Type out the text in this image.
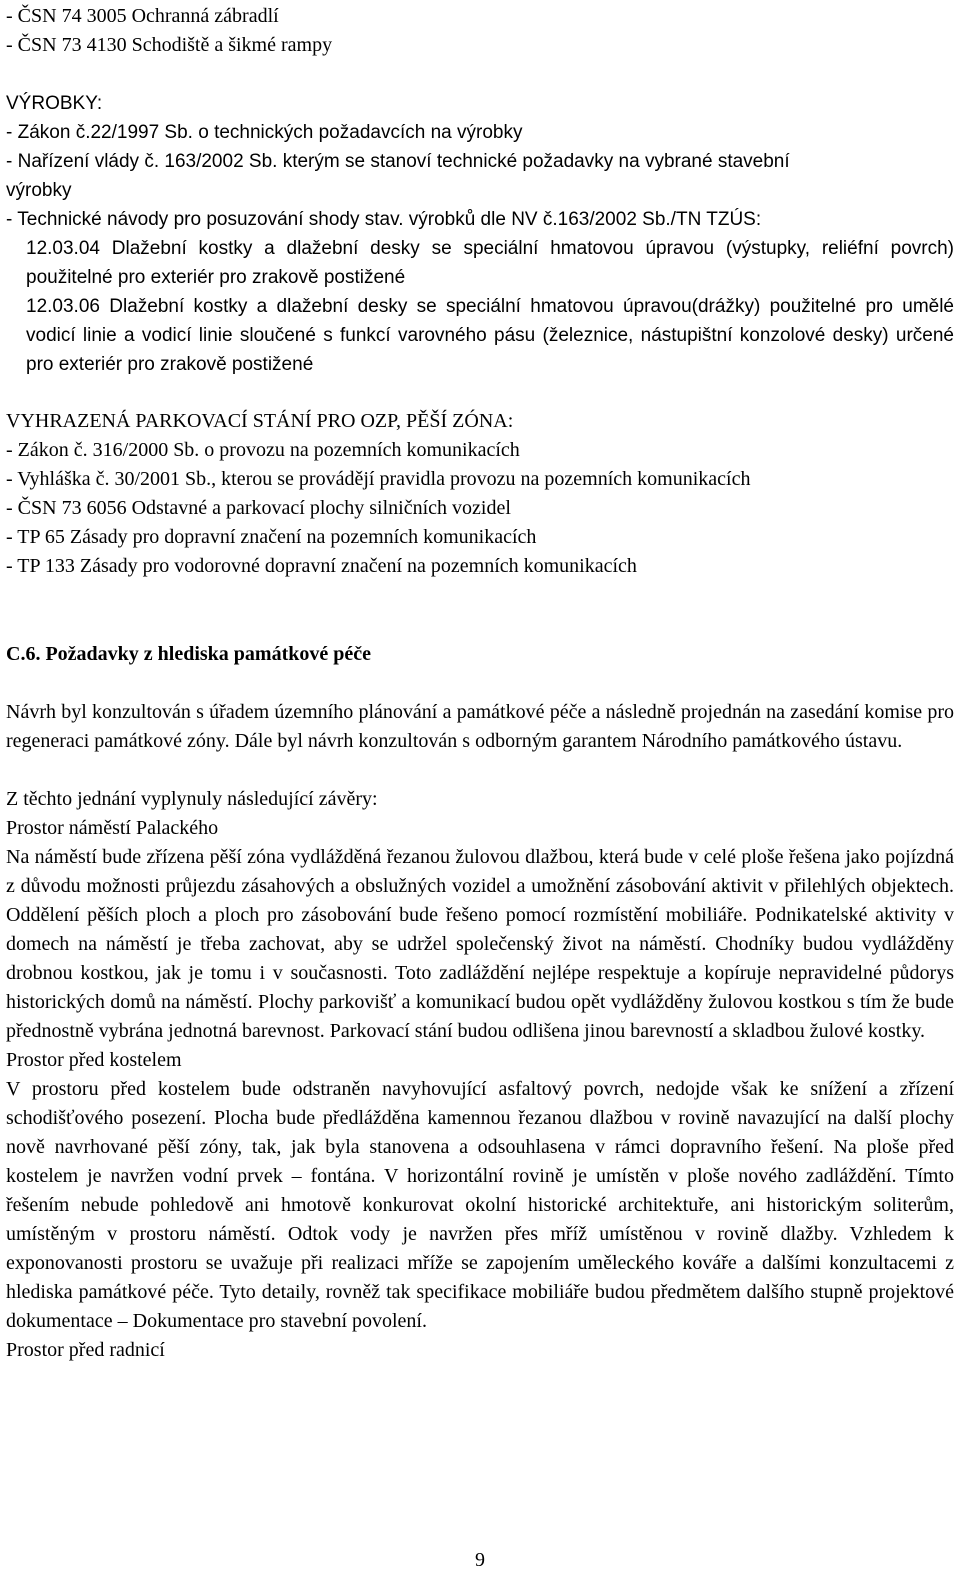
- ČSN 74 3005 Ochranná zábradlí
- ČSN 73 4130 Schodiště a šikmé rampy
VÝROBKY:
- Zákon č.22/1997 Sb. o technických požadavcích na výrobky
- Nařízení vlády č. 163/2002 Sb. kterým se stanoví technické požadavky na vybrané stavební
výrobky
- Technické návody pro posuzování shody stav. výrobků dle NV č.163/2002 Sb./TN TZÚS:
12.03.04 Dlažební kostky a dlažební desky se speciální hmatovou úpravou (výstupky, reliéfní povrch) použitelné pro exteriér pro zrakově postižené
12.03.06 Dlažební kostky a dlažební desky se speciální hmatovou úpravou(drážky) použitelné pro umělé vodicí linie a vodicí linie sloučené s funkcí varovného pásu (železnice, nástupištní konzolové desky) určené pro exteriér pro zrakově postižené
VYHRAZENÁ PARKOVACÍ STÁNÍ PRO OZP, PĚŠÍ ZÓNA:
- Zákon č. 316/2000 Sb. o provozu na pozemních komunikacích
- Vyhláška č. 30/2001 Sb., kterou se provádějí pravidla provozu na pozemních komunikacích
- ČSN 73 6056 Odstavné a parkovací plochy silničních vozidel
- TP 65 Zásady pro dopravní značení na pozemních komunikacích
- TP 133 Zásady pro vodorovné dopravní značení na pozemních komunikacích
C.6. Požadavky z hlediska památkové péče
Návrh byl konzultován s úřadem územního plánování a památkové péče a následně projednán na zasedání komise pro regeneraci památkové zóny. Dále byl návrh konzultován s odborným garantem Národního památkového ústavu.
Z těchto jednání vyplynuly následující závěry:
Prostor náměstí Palackého
Na náměstí bude zřízena pěší zóna vydlážděná řezanou žulovou dlažbou, která bude v celé ploše řešena jako pojízdná z důvodu možnosti průjezdu zásahových a obslužných vozidel a umožnění zásobování aktivit v přilehlých objektech. Oddělení pěších ploch a ploch pro zásobování bude řešeno pomocí rozmístění mobiliáře. Podnikatelské aktivity v domech na náměstí je třeba zachovat, aby se udržel společenský život na náměstí. Chodníky budou vydlážděny drobnou kostkou, jak je tomu i v současnosti. Toto zadláždění nejlépe respektuje a kopíruje nepravidelné půdorys historických domů na náměstí. Plochy parkovišť a komunikací budou opět vydlážděny žulovou kostkou s tím že bude přednostně vybrána jednotná barevnost. Parkovací stání budou odlišena jinou barevností a skladbou žulové kostky.
Prostor před kostelem
V prostoru před kostelem bude odstraněn navyhovující asfaltový povrch, nedojde však ke snížení a zřízení schodišťového posezení. Plocha bude předlážděna kamennou řezanou dlažbou v rovině navazující na další plochy nově navrhované pěší zóny, tak, jak byla stanovena a odsouhlasena v rámci dopravního řešení. Na ploše před kostelem je navržen vodní prvek – fontána. V horizontální rovině je umístěn v ploše nového zadláždění. Tímto řešením nebude pohledově ani hmotově konkurovat okolní historické architektuře, ani historickým soliterům, umístěným v prostoru náměstí. Odtok vody je navržen přes mříž umístěnou v rovině dlažby. Vzhledem k exponovanosti prostoru se uvažuje při realizaci mříže se zapojením uměleckého kováře a dalšími konzultacemi z hlediska památkové péče. Tyto detaily, rovněž tak specifikace mobiliáře budou předmětem dalšího stupně projektové dokumentace – Dokumentace pro stavební povolení.
Prostor před radnicí
9
